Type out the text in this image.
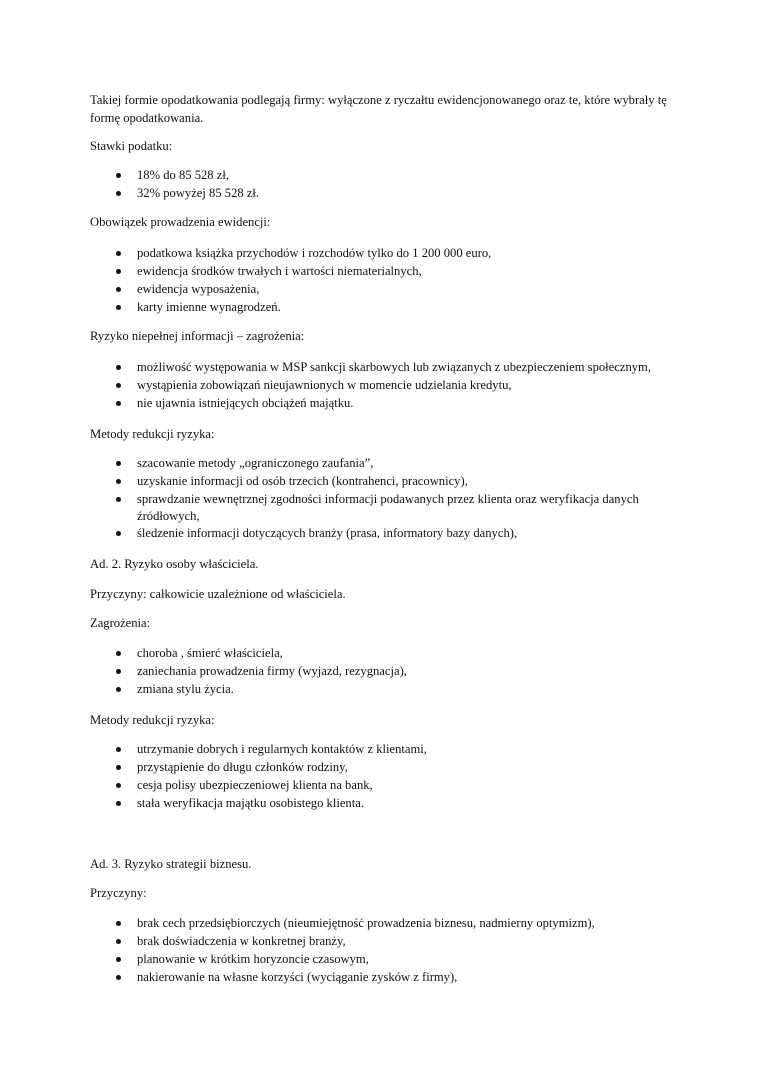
Takiej formie opodatkowania podlegają firmy: wyłączone z ryczałtu ewidencjonowanego oraz te, które wybrały tę formę opodatkowania.

Stawki podatku:

18% do 85 528 zł,

32% powyżej 85 528 zł.

Obowiązek prowadzenia ewidencji:

podatkowa książka przychodów i rozchodów tylko do 1 200 000 euro,

ewidencja środków trwałych i wartości niematerialnych,

ewidencja wyposażenia,

karty imienne wynagrodzeń.

Ryzyko niepełnej informacji – zagrożenia:

możliwość występowania w MSP sankcji skarbowych lub związanych z ubezpieczeniem społecznym,

wystąpienia zobowiązań nieujawnionych w momencie udzielania kredytu,

nie ujawnia istniejących obciążeń majątku.

Metody redukcji ryzyka:

szacowanie metody „ograniczonego zaufania”,

uzyskanie informacji od osób trzecich (kontrahenci, pracownicy),

sprawdzanie wewnętrznej zgodności informacji podawanych przez klienta oraz weryfikacja danych źródłowych,

śledzenie informacji dotyczących branży (prasa, informatory bazy danych),

Ad. 2. Ryzyko osoby właściciela.

Przyczyny: całkowicie uzależnione od właściciela.

Zagrożenia:

choroba , śmierć właściciela,

zaniechania prowadzenia firmy (wyjazd, rezygnacja),

zmiana stylu życia.

Metody redukcji ryzyka:

utrzymanie dobrych i regularnych kontaktów z klientami,

przystąpienie do długu członków rodziny,

cesja polisy ubezpieczeniowej klienta na bank,

stała weryfikacja majątku osobistego klienta.

Ad. 3. Ryzyko strategii biznesu.

Przyczyny:

brak cech przedsiębiorczych (nieumiejętność prowadzenia biznesu, nadmierny optymizm),

brak doświadczenia w konkretnej branży,

planowanie w krótkim horyzoncie czasowym,

nakierowanie na własne korzyści (wyciąganie zysków z firmy),
